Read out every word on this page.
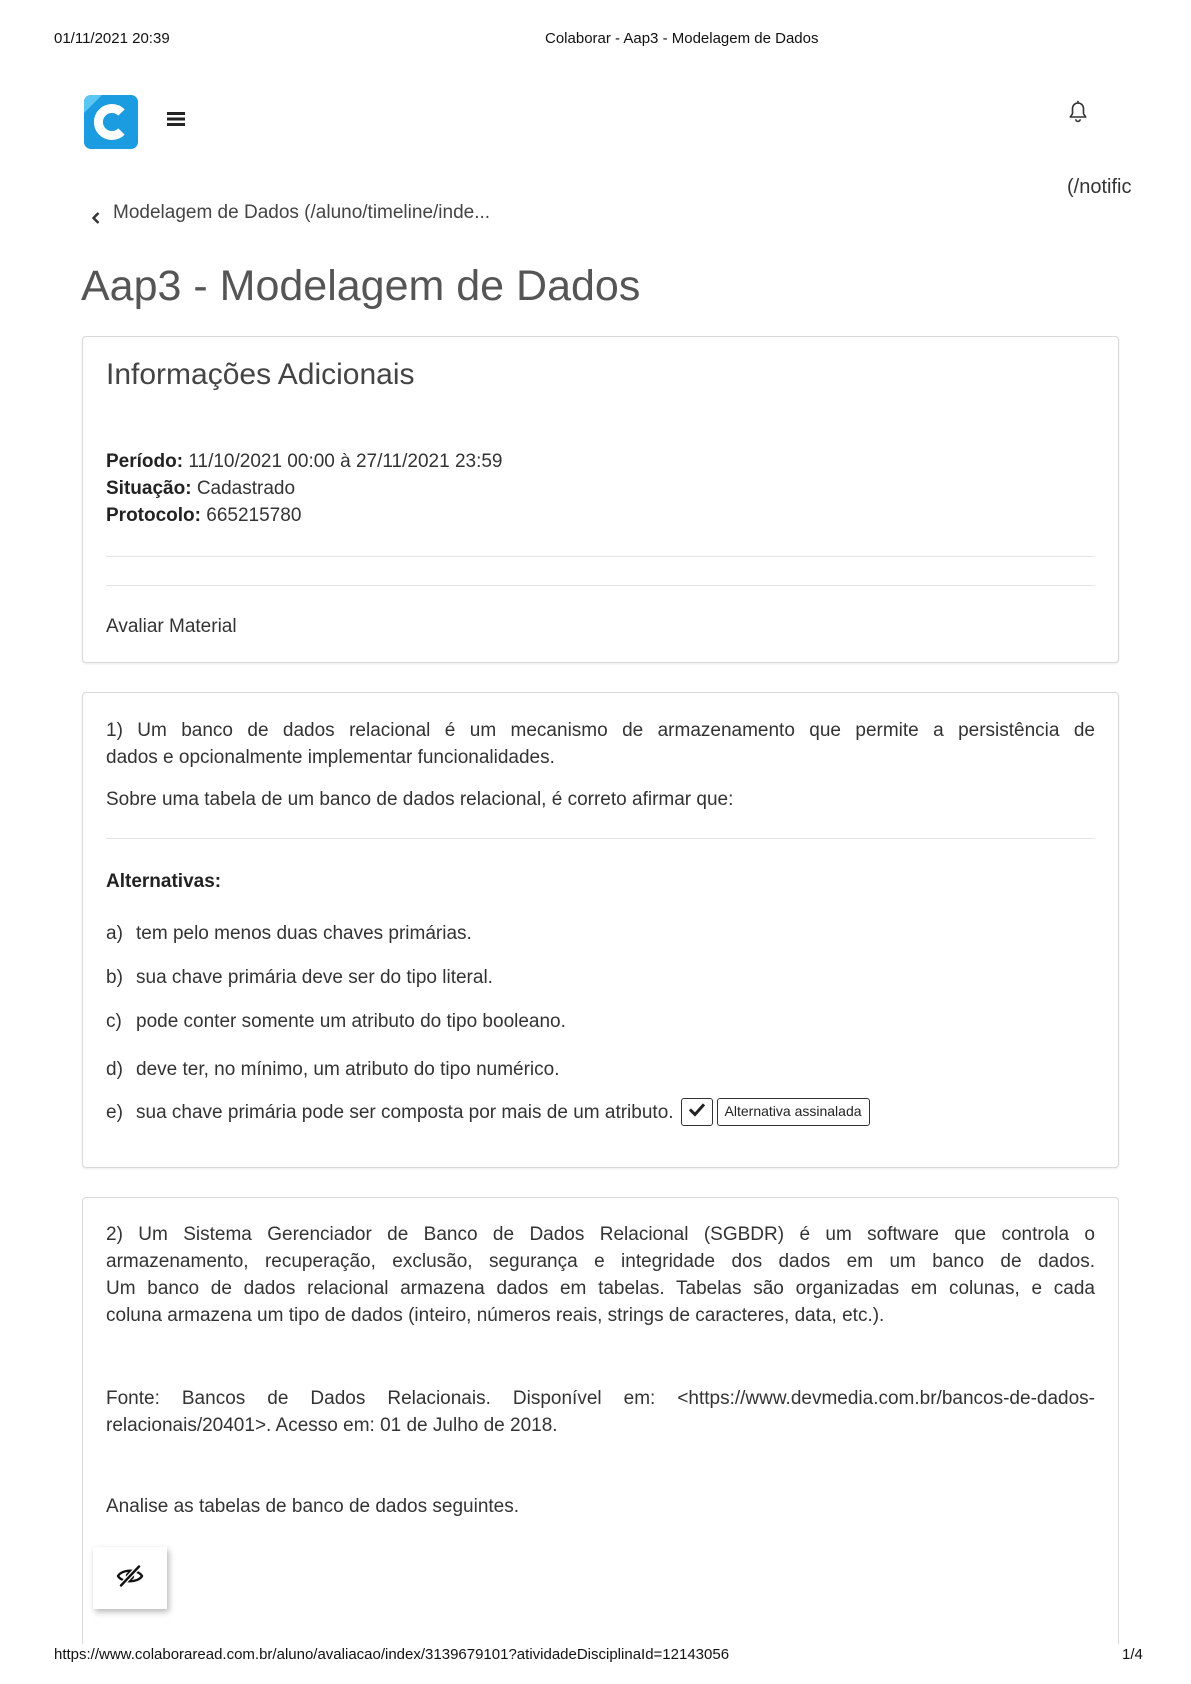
01/11/2021 20:39	Colaborar - Aap3 - Modelagem de Dados
(/notific
Modelagem de Dados (/aluno/timeline/inde...
Aap3 - Modelagem de Dados
Informações Adicionais
Período: 11/10/2021 00:00 à 27/11/2021 23:59
Situação: Cadastrado
Protocolo: 665215780
Avaliar Material
1) Um banco de dados relacional é um mecanismo de armazenamento que permite a persistência de
dados e opcionalmente implementar funcionalidades.
Sobre uma tabela de um banco de dados relacional, é correto afirmar que:
Alternativas:
a) tem pelo menos duas chaves primárias.
b) sua chave primária deve ser do tipo literal.
c) pode conter somente um atributo do tipo booleano.
d) deve ter, no mínimo, um atributo do tipo numérico.
e) sua chave primária pode ser composta por mais de um atributo.	Alternativa assinalada
2) Um Sistema Gerenciador de Banco de Dados Relacional (SGBDR) é um software que controla o
armazenamento, recuperação, exclusão, segurança e integridade dos dados em um banco de dados.
Um banco de dados relacional armazena dados em tabelas. Tabelas são organizadas em colunas, e cada
coluna armazena um tipo de dados (inteiro, números reais, strings de caracteres, data, etc.).
Fonte: Bancos de Dados Relacionais. Disponível em: <https://www.devmedia.com.br/bancos-de-dados-
relacionais/20401>. Acesso em: 01 de Julho de 2018.
Analise as tabelas de banco de dados seguintes.
https://www.colaboraread.com.br/aluno/avaliacao/index/3139679101?atividadeDisciplinaId=12143056	1/4
